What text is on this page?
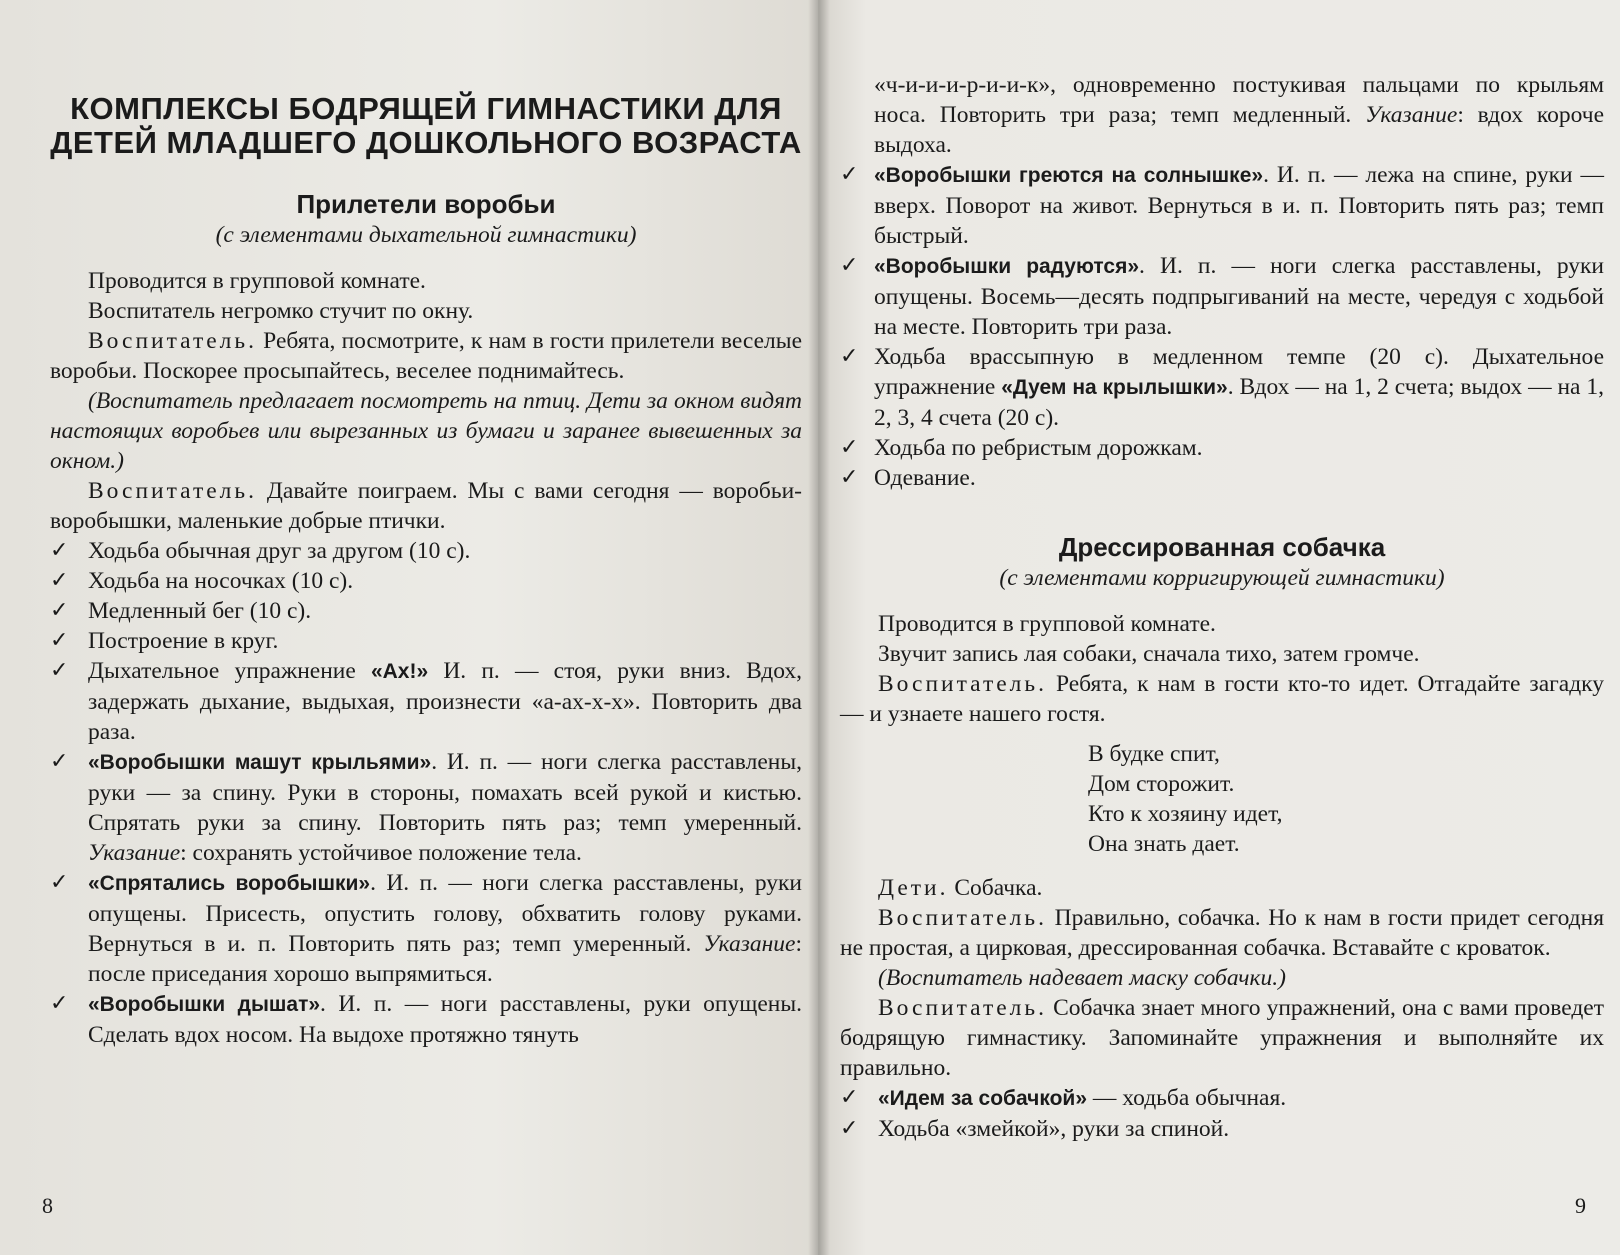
КОМПЛЕКСЫ БОДРЯЩЕЙ ГИМНАСТИКИ ДЛЯ ДЕТЕЙ МЛАДШЕГО ДОШКОЛЬНОГО ВОЗРАСТА
Прилетели воробьи
(с элементами дыхательной гимнастики)

Проводится в групповой комнате.

Воспитатель негромко стучит по окну.

Воспитатель. Ребята, посмотрите, к нам в гости прилетели веселые воробьи. Поскорее просыпайтесь, веселее поднимайтесь.

(Воспитатель предлагает посмотреть на птиц. Дети за окном видят настоящих воробьев или вырезанных из бумаги и заранее вывешенных за окном.)

Воспитатель. Давайте поиграем. Мы с вами сегодня — воробьи-воробышки, маленькие добрые птички.

✓ Ходьба обычная друг за другом (10 с).
✓ Ходьба на носочках (10 с).
✓ Медленный бег (10 с).
✓ Построение в круг.
✓ Дыхательное упражнение «Ах!» И. п. — стоя, руки вниз. Вдох, задержать дыхание, выдыхая, произнести «а-ах-х-х». Повторить два раза.
✓ «Воробышки машут крыльями». И. п. — ноги слегка расставлены, руки — за спину. Руки в стороны, помахать всей рукой и кистью. Спрятать руки за спину. Повторить пять раз; темп умеренный. Указание: сохранять устойчивое положение тела.
✓ «Спрятались воробышки». И. п. — ноги слегка расставлены, руки опущены. Присесть, опустить голову, обхватить голову руками. Вернуться в и. п. Повторить пять раз; темп умеренный. Указание: после приседания хорошо выпрямиться.
✓ «Воробышки дышат». И. п. — ноги расставлены, руки опущены. Сделать вдох носом. На выдохе протяжно тянуть
8

«ч-и-и-и-р-и-и-к», одновременно постукивая пальцами по крыльям носа. Повторить три раза; темп медленный. Указание: вдох короче выдоха.

✓ «Воробышки греются на солнышке». И. п. — лежа на спине, руки — вверх. Поворот на живот. Вернуться в и. п. Повторить пять раз; темп быстрый.
✓ «Воробышки радуются». И. п. — ноги слегка расставлены, руки опущены. Восемь—десять подпрыгиваний на месте, чередуя с ходьбой на месте. Повторить три раза.
✓ Ходьба врассыпную в медленном темпе (20 с). Дыхательное упражнение «Дуем на крылышки». Вдох — на 1, 2 счета; выдох — на 1, 2, 3, 4 счета (20 с).
✓ Ходьба по ребристым дорожкам.
✓ Одевание.
Дрессированная собачка
(с элементами корригирующей гимнастики)

Проводится в групповой комнате.

Звучит запись лая собаки, сначала тихо, затем громче.

Воспитатель. Ребята, к нам в гости кто-то идет. Отгадайте загадку — и узнаете нашего гостя.

В будке спит,
Дом сторожит.
Кто к хозяину идет,
Она знать дает.

Дети. Собачка.

Воспитатель. Правильно, собачка. Но к нам в гости придет сегодня не простая, а цирковая, дрессированная собачка. Вставайте с кроваток.

(Воспитатель надевает маску собачки.)

Воспитатель. Собачка знает много упражнений, она с вами проведет бодрящую гимнастику. Запоминайте упражнения и выполняйте их правильно.

✓ «Идем за собачкой» — ходьба обычная.
✓ Ходьба «змейкой», руки за спиной.
9
